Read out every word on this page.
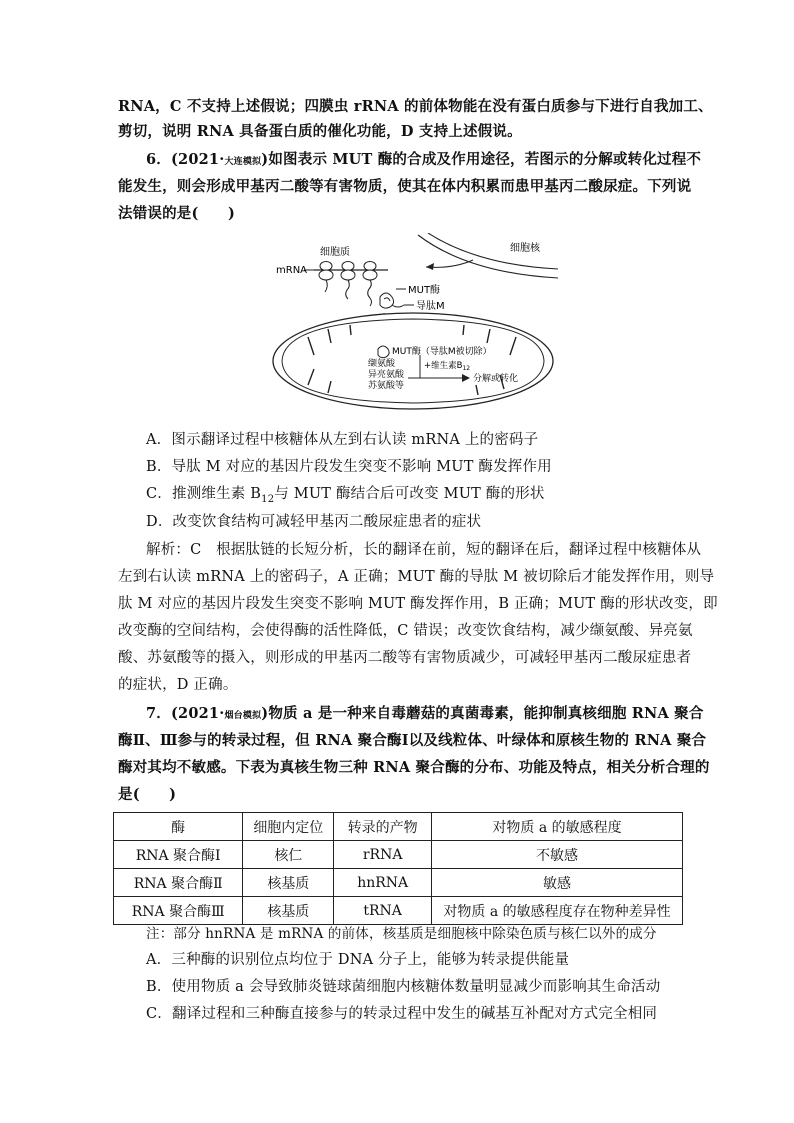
RNA，C 不支持上述假说；四膜虫 rRNA 的前体物能在没有蛋白质参与下进行自我加工、
剪切，说明 RNA 具备蛋白质的催化功能，D 支持上述假说。
6．(2021·大连模拟)如图表示 MUT 酶的合成及作用途径，若图示的分解或转化过程不
能发生，则会形成甲基丙二酸等有害物质，使其在体内积累而患甲基丙二酸尿症。下列说
法错误的是(　　)
细胞核
细胞质
mRNA
MUT酶
导肽M
MUT酶（导肽M被切除）
缬氨酸
异亮氨酸
苏氨酸等
+维生素$B_{12}$
分解或转化
A．图示翻译过程中核糖体从左到右认读 mRNA 上的密码子
B．导肽 M 对应的基因片段发生突变不影响 MUT 酶发挥作用
C．推测维生素 $B_{12}$与 MUT 酶结合后可改变 MUT 酶的形状
D．改变饮食结构可减轻甲基丙二酸尿症患者的症状
解析：C　根据肽链的长短分析，长的翻译在前，短的翻译在后，翻译过程中核糖体从
左到右认读 mRNA 上的密码子，A 正确；MUT 酶的导肽 M 被切除后才能发挥作用，则导
肽 M 对应的基因片段发生突变不影响 MUT 酶发挥作用，B 正确；MUT 酶的形状改变，即
改变酶的空间结构，会使得酶的活性降低，C 错误；改变饮食结构，减少缬氨酸、异亮氨
酸、苏氨酸等的摄入，则形成的甲基丙二酸等有害物质减少，可减轻甲基丙二酸尿症患者
的症状，D 正确。
7．(2021·烟台模拟)物质 a 是一种来自毒蘑菇的真菌毒素，能抑制真核细胞 RNA 聚合
酶Ⅱ、Ⅲ参与的转录过程，但 RNA 聚合酶Ⅰ以及线粒体、叶绿体和原核生物的 RNA 聚合
酶对其均不敏感。下表为真核生物三种 RNA 聚合酶的分布、功能及特点，相关分析合理的
是(　　)
酶	细胞内定位	转录的产物	对物质 a 的敏感程度
RNA 聚合酶Ⅰ	核仁	rRNA	不敏感
RNA 聚合酶Ⅱ	核基质	hnRNA	敏感
RNA 聚合酶Ⅲ	核基质	tRNA	对物质 a 的敏感程度存在物种差异性
注：部分 hnRNA 是 mRNA 的前体，核基质是细胞核中除染色质与核仁以外的成分
A．三种酶的识别位点均位于 DNA 分子上，能够为转录提供能量
B．使用物质 a 会导致肺炎链球菌细胞内核糖体数量明显减少而影响其生命活动
C．翻译过程和三种酶直接参与的转录过程中发生的碱基互补配对方式完全相同
